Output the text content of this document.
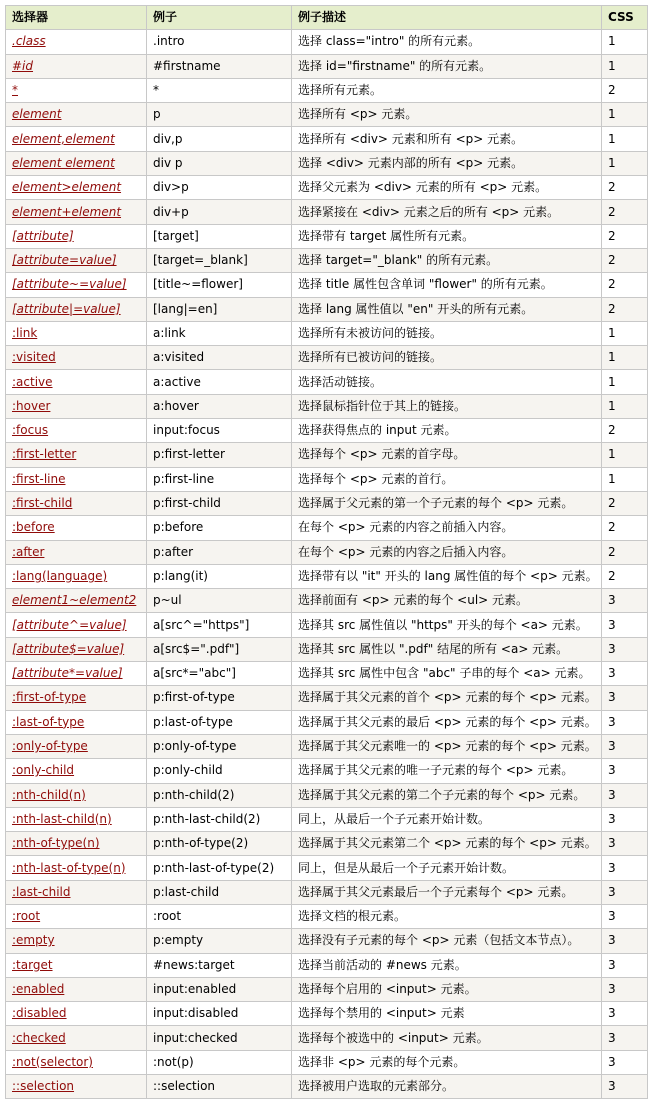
选择器	例子	例子描述	CSS
.class	.intro	选择 class="intro" 的所有元素。	1
#id	#firstname	选择 id="firstname" 的所有元素。	1
*	*	选择所有元素。	2
element	p	选择所有 <p> 元素。	1
element,element	div,p	选择所有 <div> 元素和所有 <p> 元素。	1
element element	div p	选择 <div> 元素内部的所有 <p> 元素。	1
element>element	div>p	选择父元素为 <div> 元素的所有 <p> 元素。	2
element+element	div+p	选择紧接在 <div> 元素之后的所有 <p> 元素。	2
[attribute]	[target]	选择带有 target 属性所有元素。	2
[attribute=value]	[target=_blank]	选择 target="_blank" 的所有元素。	2
[attribute~=value]	[title~=flower]	选择 title 属性包含单词 "flower" 的所有元素。	2
[attribute|=value]	[lang|=en]	选择 lang 属性值以 "en" 开头的所有元素。	2
:link	a:link	选择所有未被访问的链接。	1
:visited	a:visited	选择所有已被访问的链接。	1
:active	a:active	选择活动链接。	1
:hover	a:hover	选择鼠标指针位于其上的链接。	1
:focus	input:focus	选择获得焦点的 input 元素。	2
:first-letter	p:first-letter	选择每个 <p> 元素的首字母。	1
:first-line	p:first-line	选择每个 <p> 元素的首行。	1
:first-child	p:first-child	选择属于父元素的第一个子元素的每个 <p> 元素。	2
:before	p:before	在每个 <p> 元素的内容之前插入内容。	2
:after	p:after	在每个 <p> 元素的内容之后插入内容。	2
:lang(language)	p:lang(it)	选择带有以 "it" 开头的 lang 属性值的每个 <p> 元素。	2
element1~element2	p~ul	选择前面有 <p> 元素的每个 <ul> 元素。	3
[attribute^=value]	a[src^="https"]	选择其 src 属性值以 "https" 开头的每个 <a> 元素。	3
[attribute$=value]	a[src$=".pdf"]	选择其 src 属性以 ".pdf" 结尾的所有 <a> 元素。	3
[attribute*=value]	a[src*="abc"]	选择其 src 属性中包含 "abc" 子串的每个 <a> 元素。	3
:first-of-type	p:first-of-type	选择属于其父元素的首个 <p> 元素的每个 <p> 元素。	3
:last-of-type	p:last-of-type	选择属于其父元素的最后 <p> 元素的每个 <p> 元素。	3
:only-of-type	p:only-of-type	选择属于其父元素唯一的 <p> 元素的每个 <p> 元素。	3
:only-child	p:only-child	选择属于其父元素的唯一子元素的每个 <p> 元素。	3
:nth-child(n)	p:nth-child(2)	选择属于其父元素的第二个子元素的每个 <p> 元素。	3
:nth-last-child(n)	p:nth-last-child(2)	同上，从最后一个子元素开始计数。	3
:nth-of-type(n)	p:nth-of-type(2)	选择属于其父元素第二个 <p> 元素的每个 <p> 元素。	3
:nth-last-of-type(n)	p:nth-last-of-type(2)	同上，但是从最后一个子元素开始计数。	3
:last-child	p:last-child	选择属于其父元素最后一个子元素每个 <p> 元素。	3
:root	:root	选择文档的根元素。	3
:empty	p:empty	选择没有子元素的每个 <p> 元素（包括文本节点）。	3
:target	#news:target	选择当前活动的 #news 元素。	3
:enabled	input:enabled	选择每个启用的 <input> 元素。	3
:disabled	input:disabled	选择每个禁用的 <input> 元素	3
:checked	input:checked	选择每个被选中的 <input> 元素。	3
:not(selector)	:not(p)	选择非 <p> 元素的每个元素。	3
::selection	::selection	选择被用户选取的元素部分。	3
